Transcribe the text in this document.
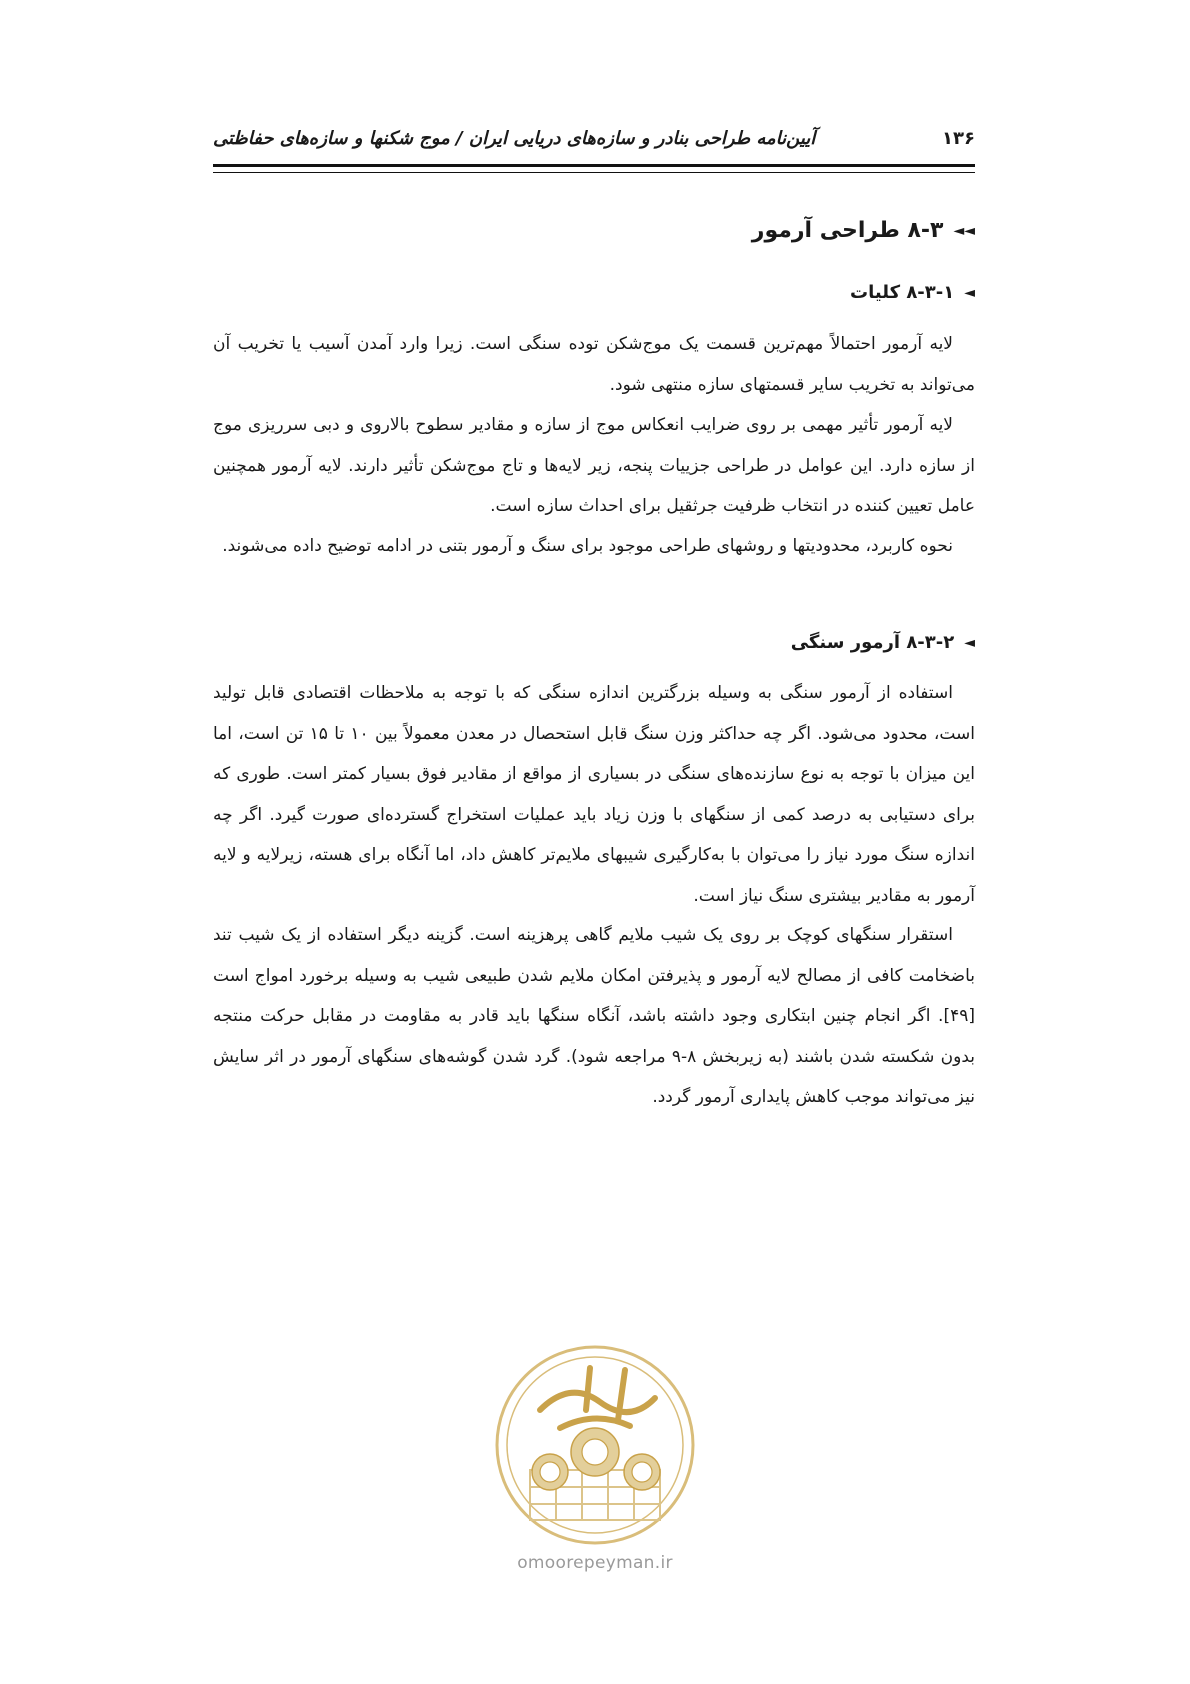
۱۳۶
آیین‌نامه طراحی بنادر و سازه‌های دریایی ایران / موج شکنها و سازه‌های حفاظتی
◄◄
۸-۳ طراحی آرمور
◄
۸-۳-۱ کلیات

لایه آرمور احتمالاً مهم‌ترین قسمت یک موج‌شکن توده سنگی است. زیرا وارد آمدن آسیب یا تخریب آن می‌تواند به تخریب سایر قسمتهای سازه منتهی شود.

لایه آرمور تأثیر مهمی بر روی ضرایب انعکاس موج از سازه و مقادیر سطوح بالاروی و دبی سرریزی موج از سازه دارد. این عوامل در طراحی جزییات پنجه، زیر لایه‌ها و تاج موج‌شکن تأثیر دارند. لایه آرمور همچنین عامل تعیین کننده در انتخاب ظرفیت جرثقیل برای احداث سازه است.

نحوه کاربرد، محدودیتها و روشهای طراحی موجود برای سنگ و آرمور بتنی در ادامه توضیح داده می‌شوند.

◄
۸-۳-۲ آرمور سنگی

استفاده از آرمور سنگی به وسیله بزرگترین اندازه سنگی که با توجه به ملاحظات اقتصادی قابل تولید است، محدود می‌شود. اگر چه حداکثر وزن سنگ قابل استحصال در معدن معمولاً بین ۱۰ تا ۱۵ تن است، اما این میزان با توجه به نوع سازنده‌های سنگی در بسیاری از مواقع از مقادیر فوق بسیار کمتر است. طوری که برای دستیابی به درصد کمی از سنگهای با وزن زیاد باید عملیات استخراج گسترده‌ای صورت گیرد. اگر چه اندازه سنگ مورد نیاز را می‌توان با به‌کارگیری شیبهای ملایم‌تر کاهش داد، اما آنگاه برای هسته، زیرلایه و لایه آرمور به مقادیر بیشتری سنگ نیاز است.

استقرار سنگهای کوچک بر روی یک شیب ملایم گاهی پرهزینه است. گزینه دیگر استفاده از یک شیب تند باضخامت کافی از مصالح لایه آرمور و پذیرفتن امکان ملایم شدن طبیعی شیب به وسیله برخورد امواج است [۴۹]. اگر انجام چنین ابتکاری وجود داشته باشد، آنگاه سنگها باید قادر به مقاومت در مقابل حرکت منتجه بدون شکسته شدن باشند (به زیربخش ۸-۹ مراجعه شود). گرد شدن گوشه‌های سنگهای آرمور در اثر سایش نیز می‌تواند موجب کاهش پایداری آرمور گردد.

omoorepeyman.ir
